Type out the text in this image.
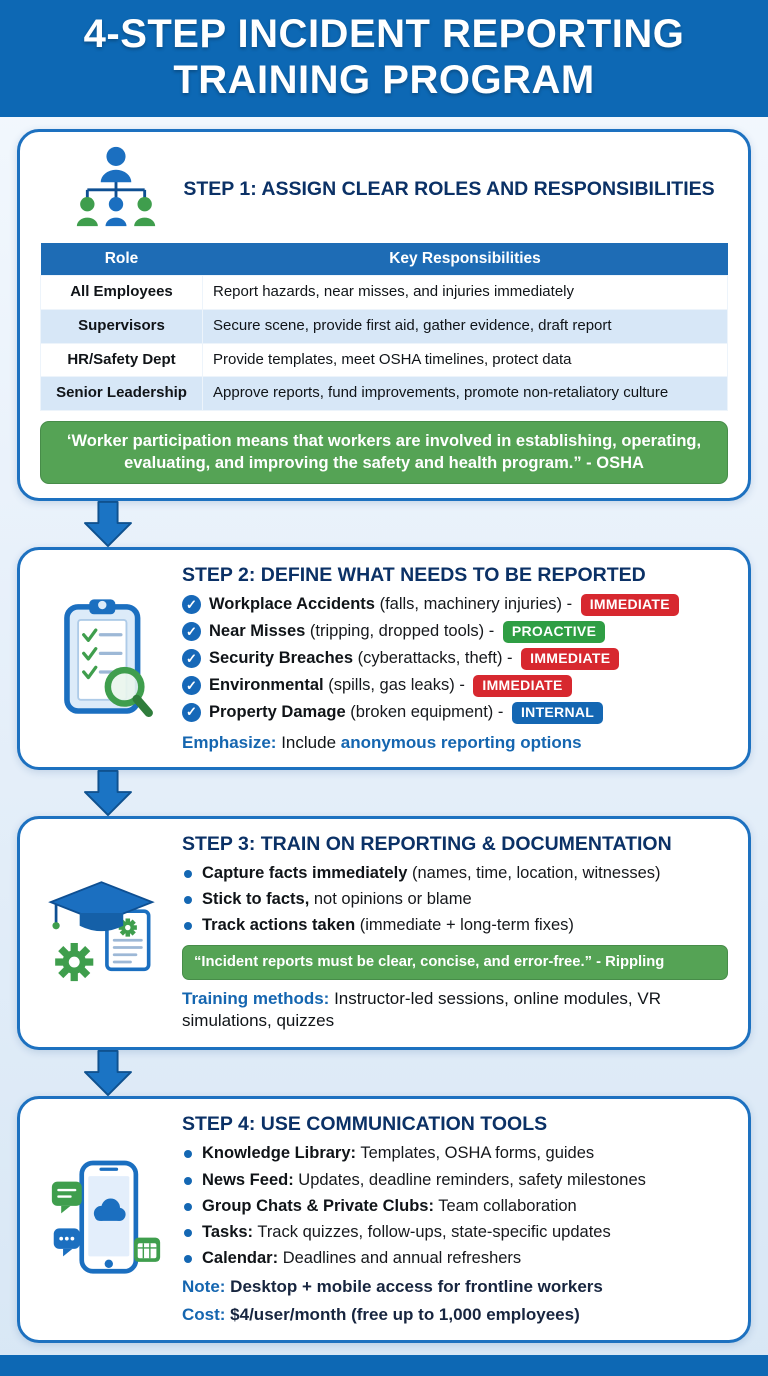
4-STEP INCIDENT REPORTING
TRAINING PROGRAM
STEP 1: ASSIGN CLEAR ROLES AND RESPONSIBILITIES
Role	Key Responsibilities
All Employees	Report hazards, near misses, and injuries immediately
Supervisors	Secure scene, provide first aid, gather evidence, draft report
HR/Safety Dept	Provide templates, meet OSHA timelines, protect data
Senior Leadership	Approve reports, fund improvements, promote non-retaliatory culture
‘Worker participation means that workers are involved in establishing, operating, evaluating, and improving the safety and health program.” - OSHA
STEP 2: DEFINE WHAT NEEDS TO BE REPORTED
✓ Workplace Accidents (falls, machinery injuries) - IMMEDIATE
✓ Near Misses (tripping, dropped tools) - PROACTIVE
✓ Security Breaches (cyberattacks, theft) - IMMEDIATE
✓ Environmental (spills, gas leaks) - IMMEDIATE
✓ Property Damage (broken equipment) - INTERNAL

Emphasize: Include anonymous reporting options

STEP 3: TRAIN ON REPORTING & DOCUMENTATION
Capture facts immediately (names, time, location, witnesses)
Stick to facts, not opinions or blame
Track actions taken (immediate + long-term fixes)
“Incident reports must be clear, concise, and error-free.” - Rippling

Training methods: Instructor-led sessions, online modules, VR simulations, quizzes

STEP 4: USE COMMUNICATION TOOLS
Knowledge Library: Templates, OSHA forms, guides
News Feed: Updates, deadline reminders, safety milestones
Group Chats & Private Clubs: Team collaboration
Tasks: Track quizzes, follow-ups, state-specific updates
Calendar: Deadlines and annual refreshers

Note: Desktop + mobile access for frontline workers

Cost: $4/user/month (free up to 1,000 employees)
